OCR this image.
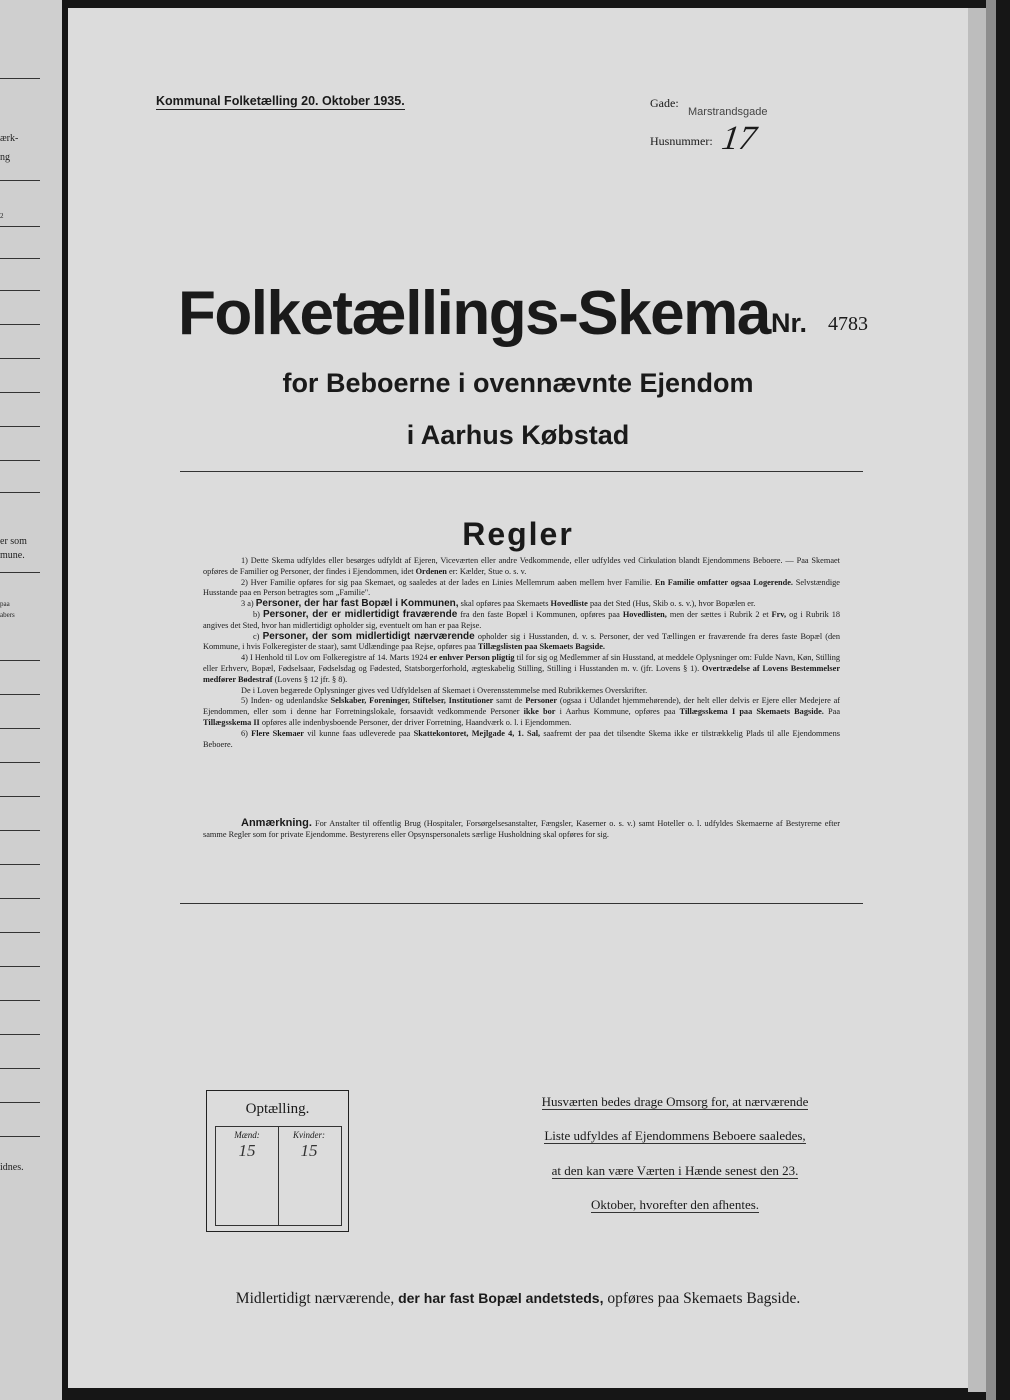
ærk-
ng
2
er som
mune.
paa
abers
idnes.
Kommunal Folketælling 20. Oktober 1935.	Gade:
Marstrandsgade
Husnummer: 17
Folketællings-Skema Nr. 4783
for Beboerne i ovennævnte Ejendom
i Aarhus Købstad
Regler

1) Dette Skema udfyldes eller besørges udfyldt af Ejeren, Viceværten eller andre Vedkommende, eller udfyldes ved Cirkulation blandt Ejendommens Beboere. — Paa Skemaet opføres de Familier og Personer, der findes i Ejendommen, idet Ordenen er: Kælder, Stue o. s. v.

2) Hver Familie opføres for sig paa Skemaet, og saaledes at der lades en Linies Mellemrum aaben mellem hver Familie. En Familie omfatter ogsaa Logerende. Selvstændige Husstande paa en Person betragtes som „Familie".

3 a) Personer, der har fast Bopæl i Kommunen, skal opføres paa Skemaets Hovedliste paa det Sted (Hus, Skib o. s. v.), hvor Bopælen er.

b) Personer, der er midlertidigt fraværende fra den faste Bopæl i Kommunen, opføres paa Hovedlisten, men der sættes i Rubrik 2 et Frv, og i Rubrik 18 angives det Sted, hvor han midlertidigt opholder sig, eventuelt om han er paa Rejse.

c) Personer, der som midlertidigt nærværende opholder sig i Husstanden, d. v. s. Personer, der ved Tællingen er fraværende fra deres faste Bopæl (den Kommune, i hvis Folkeregister de staar), samt Udlændinge paa Rejse, opføres paa Tillægslisten paa Skemaets Bagside.

4) I Henhold til Lov om Folkeregistre af 14. Marts 1924 er enhver Person pligtig til for sig og Medlemmer af sin Husstand, at meddele Oplysninger om: Fulde Navn, Køn, Stilling eller Erhverv, Bopæl, Fødselsaar, Fødselsdag og Fødested, Statsborgerforhold, ægteskabelig Stilling, Stilling i Husstanden m. v. (jfr. Lovens § 1). Overtrædelse af Lovens Bestemmelser medfører Bødestraf (Lovens § 12 jfr. § 8).

De i Loven begærede Oplysninger gives ved Udfyldelsen af Skemaet i Overensstemmelse med Rubrikkernes Overskrifter.

5) Inden- og udenlandske Selskaber, Foreninger, Stiftelser, Institutioner samt de Personer (ogsaa i Udlandet hjemmehørende), der helt eller delvis er Ejere eller Medejere af Ejendommen, eller som i denne har Forretningslokale, forsaavidt vedkommende Personer ikke bor i Aarhus Kommune, opføres paa Tillægsskema I paa Skemaets Bagside. Paa Tillægsskema II opføres alle indenbysboende Personer, der driver Forretning, Haandværk o. l. i Ejendommen.

6) Flere Skemaer vil kunne faas udleverede paa Skattekontoret, Mejlgade 4, 1. Sal, saafremt der paa det tilsendte Skema ikke er tilstrækkelig Plads til alle Ejendommens Beboere.

Anmærkning. For Anstalter til offentlig Brug (Hospitaler, Forsørgelsesanstalter, Fængsler, Kaserner o. s. v.) samt Hoteller o. l. udfyldes Skemaerne af Bestyrerne efter samme Regler som for private Ejendomme. Bestyrerens eller Opsynspersonalets særlige Husholdning skal opføres for sig.
Optælling.
Mænd:	Kvinder:
15	15
Husværten bedes drage Omsorg for, at nærværende
Liste udfyldes af Ejendommens Beboere saaledes,
at den kan være Værten i Hænde senest den 23.
Oktober, hvorefter den afhentes.
Midlertidigt nærværende, der har fast Bopæl andetsteds, opføres paa Skemaets Bagside.
